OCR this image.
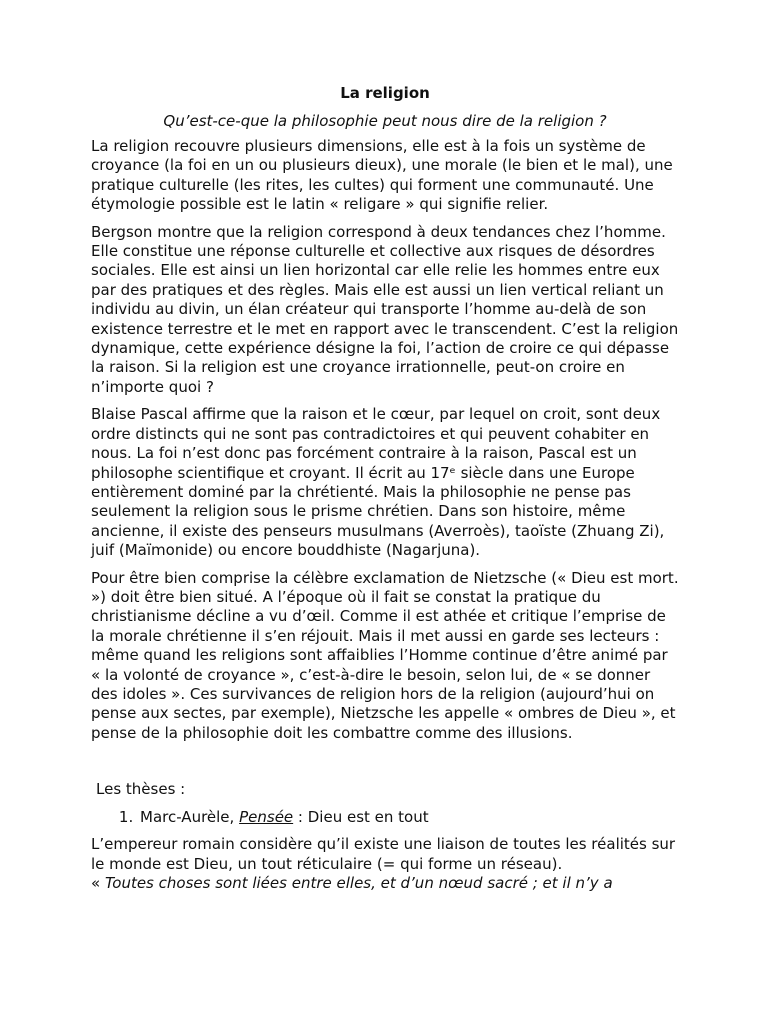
La religion
Qu’est-ce-que la philosophie peut nous dire de la religion ?

La religion recouvre plusieurs dimensions, elle est à la fois un système de croyance (la foi en un ou plusieurs dieux), une morale (le bien et le mal), une pratique culturelle (les rites, les cultes) qui forment une communauté. Une étymologie possible est le latin « religare » qui signifie relier.

Bergson montre que la religion correspond à deux tendances chez l’homme. Elle constitue une réponse culturelle et collective aux risques de désordres sociales. Elle est ainsi un lien horizontal car elle relie les hommes entre eux par des pratiques et des règles. Mais elle est aussi un lien vertical reliant un individu au divin, un élan créateur qui transporte l’homme au-delà de son existence terrestre et le met en rapport avec le transcendent. C’est la religion dynamique, cette expérience désigne la foi, l’action de croire ce qui dépasse la raison. Si la religion est une croyance irrationnelle, peut-on croire en n’importe quoi ?

Blaise Pascal affirme que la raison et le cœur, par lequel on croit, sont deux ordre distincts qui ne sont pas contradictoires et qui peuvent cohabiter en nous. La foi n’est donc pas forcément contraire à la raison, Pascal est un philosophe scientifique et croyant. Il écrit au 17ᵉ siècle dans une Europe entièrement dominé par la chrétienté. Mais la philosophie ne pense pas seulement la religion sous le prisme chrétien. Dans son histoire, même ancienne, il existe des penseurs musulmans (Averroès), taoïste (Zhuang Zi), juif (Maïmonide) ou encore bouddhiste (Nagarjuna).

Pour être bien comprise la célèbre exclamation de Nietzsche (« Dieu est mort. ») doit être bien situé. A l’époque où il fait se constat la pratique du christianisme décline a vu d’œil. Comme il est athée et critique l’emprise de la morale chrétienne il s’en réjouit. Mais il met aussi en garde ses lecteurs : même quand les religions sont affaiblies l’Homme continue d’être animé par « la volonté de croyance », c’est-à-dire le besoin, selon lui, de « se donner des idoles ». Ces survivances de religion hors de la religion (aujourd’hui on pense aux sectes, par exemple), Nietzsche les appelle « ombres de Dieu », et pense de la philosophie doit les combattre comme des illusions.

Les thèses :
1. Marc-Aurèle, Pensée : Dieu est en tout

L’empereur romain considère qu’il existe une liaison de toutes les réalités sur le monde est Dieu, un tout réticulaire (= qui forme un réseau).

« Toutes choses sont liées entre elles, et d’un nœud sacré ; et il n’y a
